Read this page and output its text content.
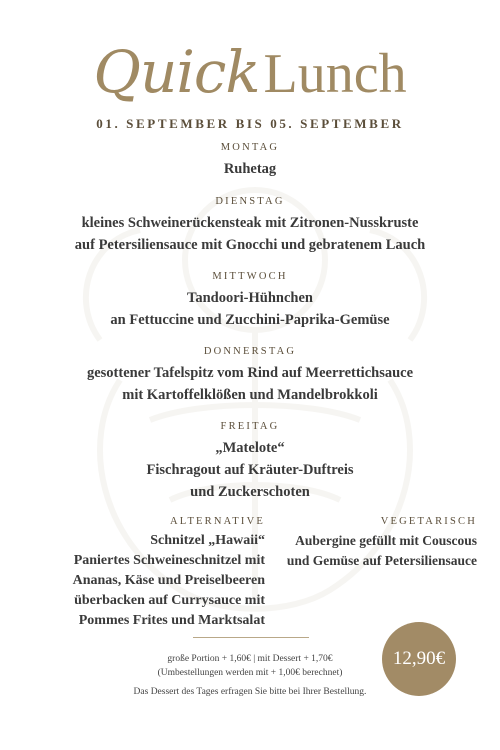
QuickLunch
01. SEPTEMBER BIS 05. SEPTEMBER
MONTAG
Ruhetag
DIENSTAG
kleines Schweinerückensteak mit Zitronen-Nusskruste
auf Petersiliensauce mit Gnocchi und gebratenem Lauch
MITTWOCH
Tandoori-Hühnchen
an Fettuccine und Zucchini-Paprika-Gemüse
DONNERSTAG
gesottener Tafelspitz vom Rind auf Meerrettichsauce
mit Kartoffelklößen und Mandelbrokkoli
FREITAG
„Matelote“
Fischragout auf Kräuter-Duftreis
und Zuckerschoten
ALTERNATIVE
Schnitzel „Hawaii“
Paniertes Schweineschnitzel mit
Ananas, Käse und Preiselbeeren
überbacken auf Currysauce mit
Pommes Frites und Marktsalat
VEGETARISCH
Aubergine gefüllt mit Couscous
und Gemüse auf Petersiliensauce
große Portion + 1,60€ | mit Dessert + 1,70€
(Umbestellungen werden mit + 1,00€ berechnet)
Das Dessert des Tages erfragen Sie bitte bei Ihrer Bestellung.
12,90€
